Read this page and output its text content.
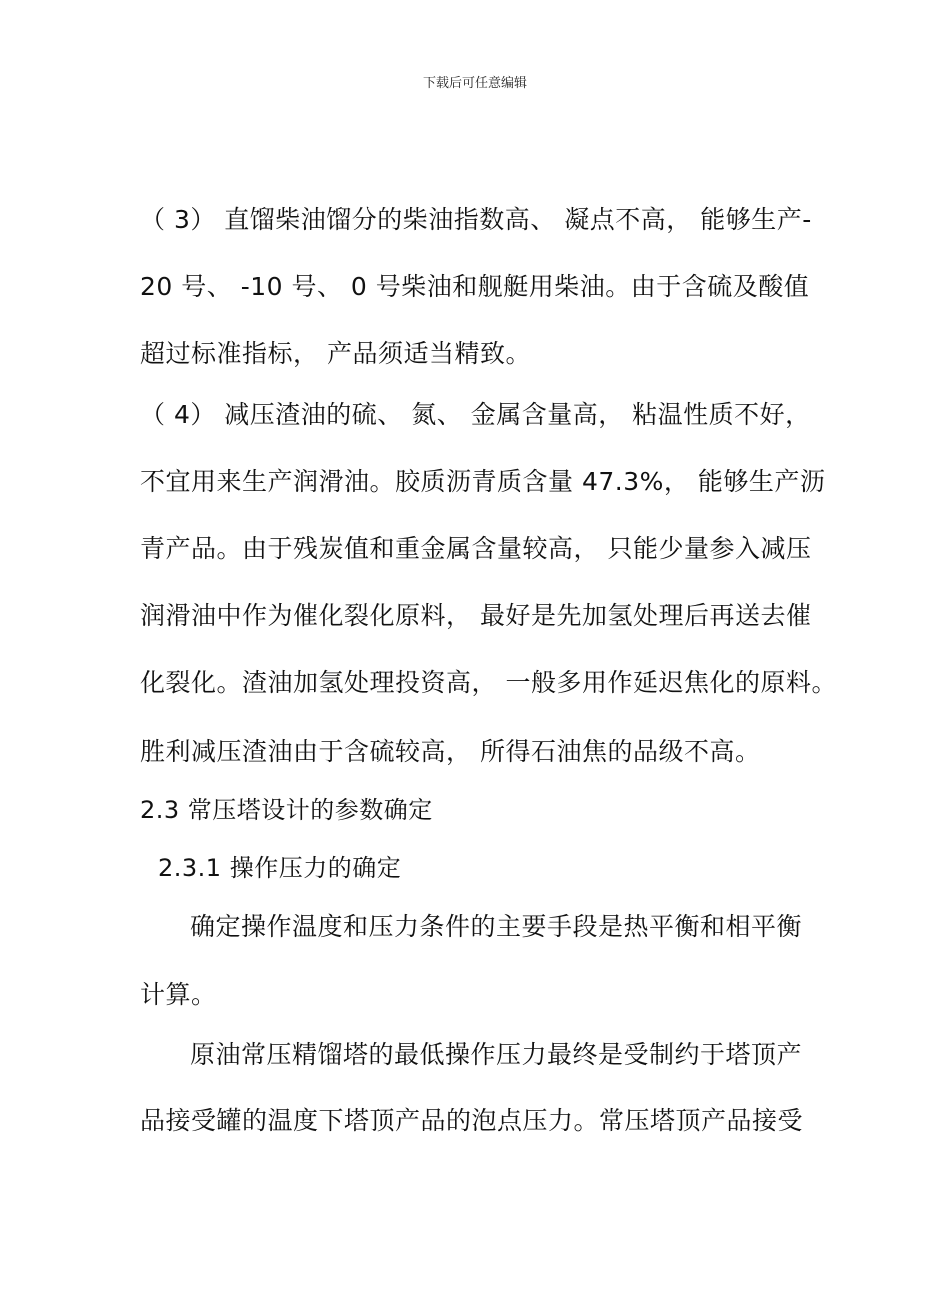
下载后可任意编辑
（ 3） 直馏柴油馏分的柴油指数高、 凝点不高， 能够生产-
20 号、 -10 号、 0 号柴油和舰艇用柴油。由于含硫及酸值
超过标准指标， 产品须适当精致。
（ 4） 减压渣油的硫、 氮、 金属含量高， 粘温性质不好，
不宜用来生产润滑油。胶质沥青质含量 47.3%， 能够生产沥
青产品。由于残炭值和重金属含量较高， 只能少量参入减压
润滑油中作为催化裂化原料， 最好是先加氢处理后再送去催
化裂化。渣油加氢处理投资高， 一般多用作延迟焦化的原料。
胜利减压渣油由于含硫较高， 所得石油焦的品级不高。
2.3 常压塔设计的参数确定
2.3.1 操作压力的确定
确定操作温度和压力条件的主要手段是热平衡和相平衡
计算。
原油常压精馏塔的最低操作压力最终是受制约于塔顶产
品接受罐的温度下塔顶产品的泡点压力。常压塔顶产品接受
